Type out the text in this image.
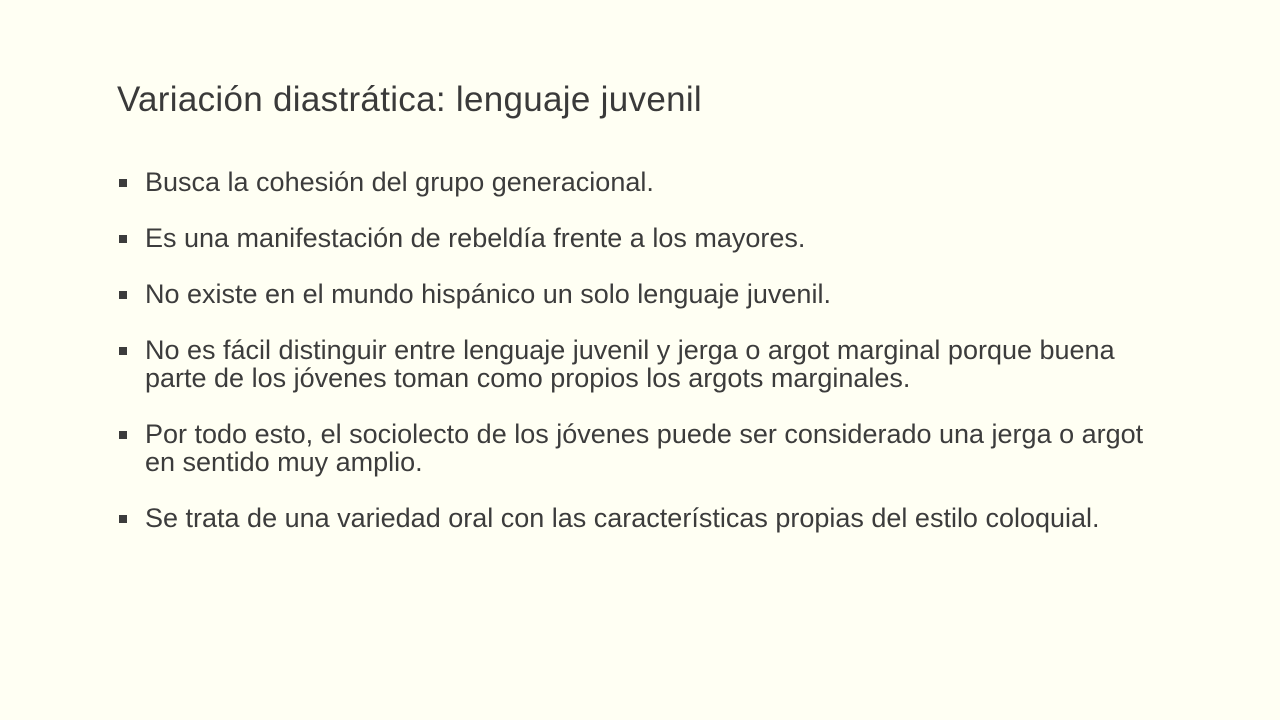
Variación diastrática: lenguaje juvenil
Busca la cohesión del grupo generacional.
Es una manifestación de rebeldía frente a los mayores.
No existe en el mundo hispánico un solo lenguaje juvenil.
No es fácil distinguir entre lenguaje juvenil y jerga o argot marginal porque buena parte de los jóvenes toman como propios los argots marginales.
Por todo esto, el sociolecto de los jóvenes puede ser considerado una jerga o argot en sentido muy amplio.
Se trata de una variedad oral con las características propias del estilo coloquial.
